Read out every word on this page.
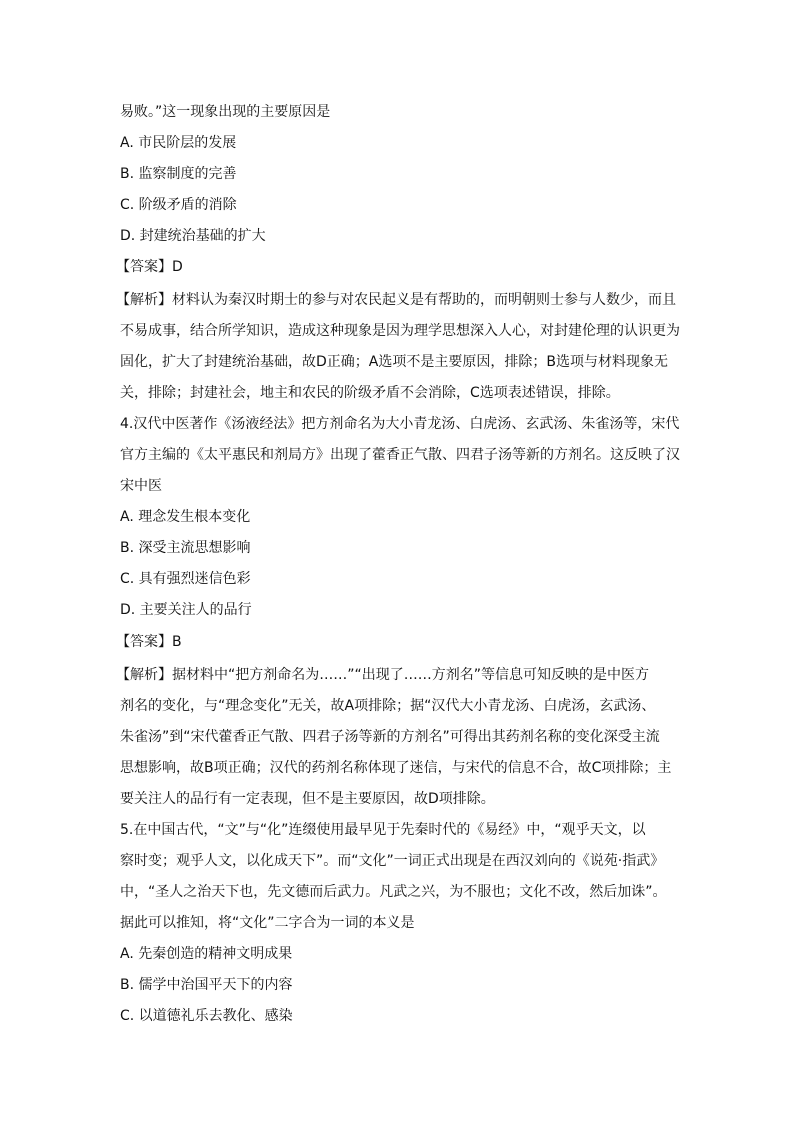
易败。”这一现象出现的主要原因是
A. 市民阶层的发展
B. 监察制度的完善
C. 阶级矛盾的消除
D. 封建统治基础的扩大
【答案】D
【解析】材料认为秦汉时期士的参与对农民起义是有帮助的，而明朝则士参与人数少，而且
不易成事，结合所学知识，造成这种现象是因为理学思想深入人心，对封建伦理的认识更为
固化，扩大了封建统治基础，故D正确；A选项不是主要原因，排除；B选项与材料现象无
关，排除；封建社会，地主和农民的阶级矛盾不会消除，C选项表述错误，排除。
4.汉代中医著作《汤液经法》把方剂命名为大小青龙汤、白虎汤、玄武汤、朱雀汤等，宋代
官方主编的《太平惠民和剂局方》出现了藿香正气散、四君子汤等新的方剂名。这反映了汉
宋中医
A. 理念发生根本变化
B. 深受主流思想影响
C. 具有强烈迷信色彩
D. 主要关注人的品行
【答案】B
【解析】据材料中“把方剂命名为……”“出现了……方剂名”等信息可知反映的是中医方
剂名的变化，与“理念变化”无关，故A项排除；据“汉代大小青龙汤、白虎汤，玄武汤、
朱雀汤”到“宋代藿香正气散、四君子汤等新的方剂名”可得出其药剂名称的变化深受主流
思想影响，故B项正确；汉代的药剂名称体现了迷信，与宋代的信息不合，故C项排除；主
要关注人的品行有一定表现，但不是主要原因，故D项排除。
5.在中国古代，“文”与“化”连缀使用最早见于先秦时代的《易经》中，“观乎天文，以
察时变；观乎人文，以化成天下”。而“文化”一词正式出现是在西汉刘向的《说苑·指武》
中，“圣人之治天下也，先文德而后武力。凡武之兴，为不服也；文化不改，然后加诛”。
据此可以推知，将“文化”二字合为一词的本义是
A. 先秦创造的精神文明成果
B. 儒学中治国平天下的内容
C. 以道德礼乐去教化、感染
